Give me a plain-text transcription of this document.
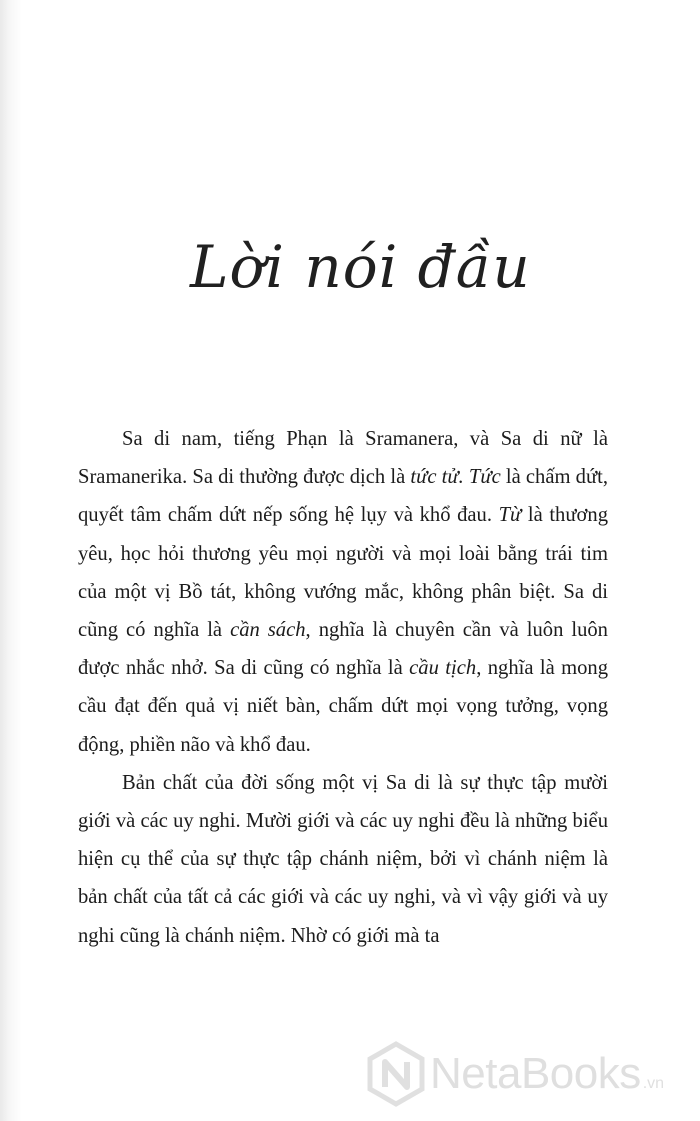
Lời nói đầu

Sa di nam, tiếng Phạn là Sramanera, và Sa di nữ là Sramanerika. Sa di thường được dịch là tức tử. Tức là chấm dứt, quyết tâm chấm dứt nếp sống hệ lụy và khổ đau. Từ là thương yêu, học hỏi thương yêu mọi người và mọi loài bằng trái tim của một vị Bồ tát, không vướng mắc, không phân biệt. Sa di cũng có nghĩa là cần sách, nghĩa là chuyên cần và luôn luôn được nhắc nhở. Sa di cũng có nghĩa là cầu tịch, nghĩa là mong cầu đạt đến quả vị niết bàn, chấm dứt mọi vọng tưởng, vọng động, phiền não và khổ đau.

Bản chất của đời sống một vị Sa di là sự thực tập mười giới và các uy nghi. Mười giới và các uy nghi đều là những biểu hiện cụ thể của sự thực tập chánh niệm, bởi vì chánh niệm là bản chất của tất cả các giới và các uy nghi, và vì vậy giới và uy nghi cũng là chánh niệm. Nhờ có giới mà ta

NetaBooks .vn
